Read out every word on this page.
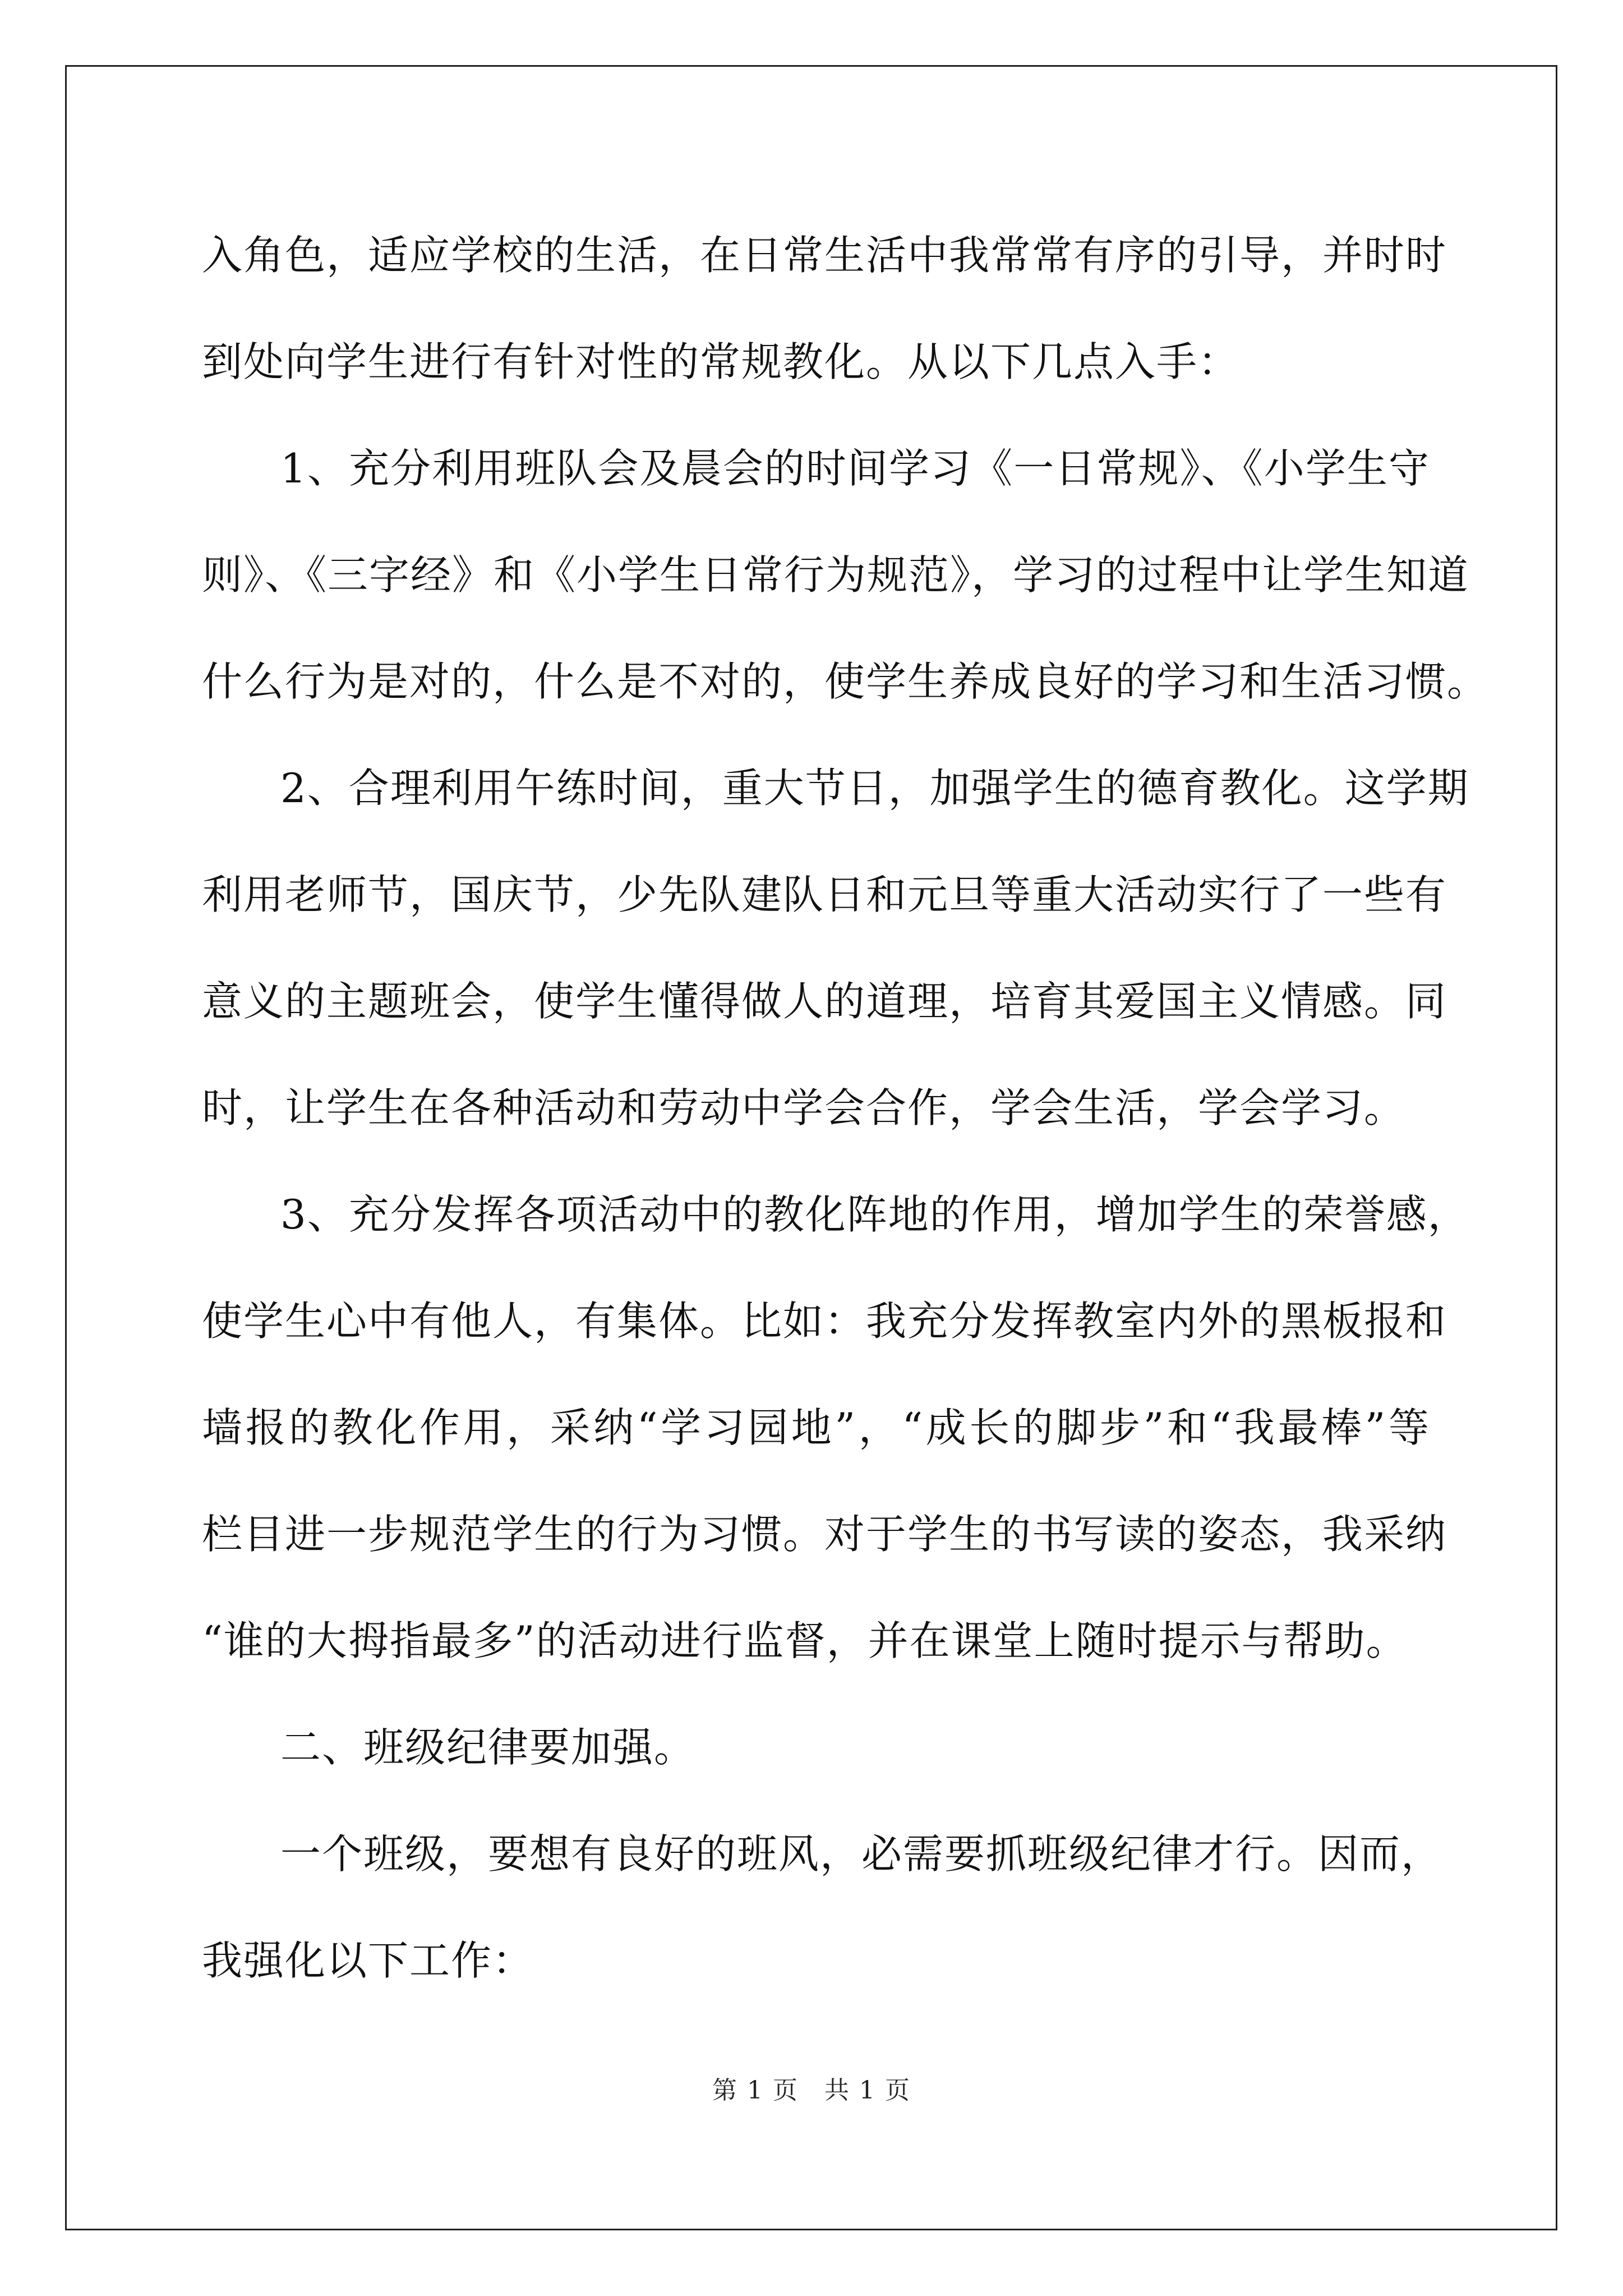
入角色，适应学校的生活，在日常生活中我常常有序的引导，并时时
到处向学生进行有针对性的常规教化。从以下几点入手：
1、充分利用班队会及晨会的时间学习《一日常规》、《小学生守
则》、《三字经》和《小学生日常行为规范》，学习的过程中让学生知道
什么行为是对的，什么是不对的，使学生养成良好的学习和生活习惯。
2、合理利用午练时间，重大节日，加强学生的德育教化。这学期
利用老师节，国庆节，少先队建队日和元旦等重大活动实行了一些有
意义的主题班会，使学生懂得做人的道理，培育其爱国主义情感。同
时，让学生在各种活动和劳动中学会合作，学会生活，学会学习。
3、充分发挥各项活动中的教化阵地的作用，增加学生的荣誉感，
使学生心中有他人，有集体。比如：我充分发挥教室内外的黑板报和
墙报的教化作用，采纳“学习园地”，“成长的脚步”和“我最棒”等
栏目进一步规范学生的行为习惯。对于学生的书写读的姿态，我采纳
“谁的大拇指最多”的活动进行监督，并在课堂上随时提示与帮助。
二、班级纪律要加强。
一个班级，要想有良好的班风，必需要抓班级纪律才行。因而，
我强化以下工作：
第 1 页　共 1 页
